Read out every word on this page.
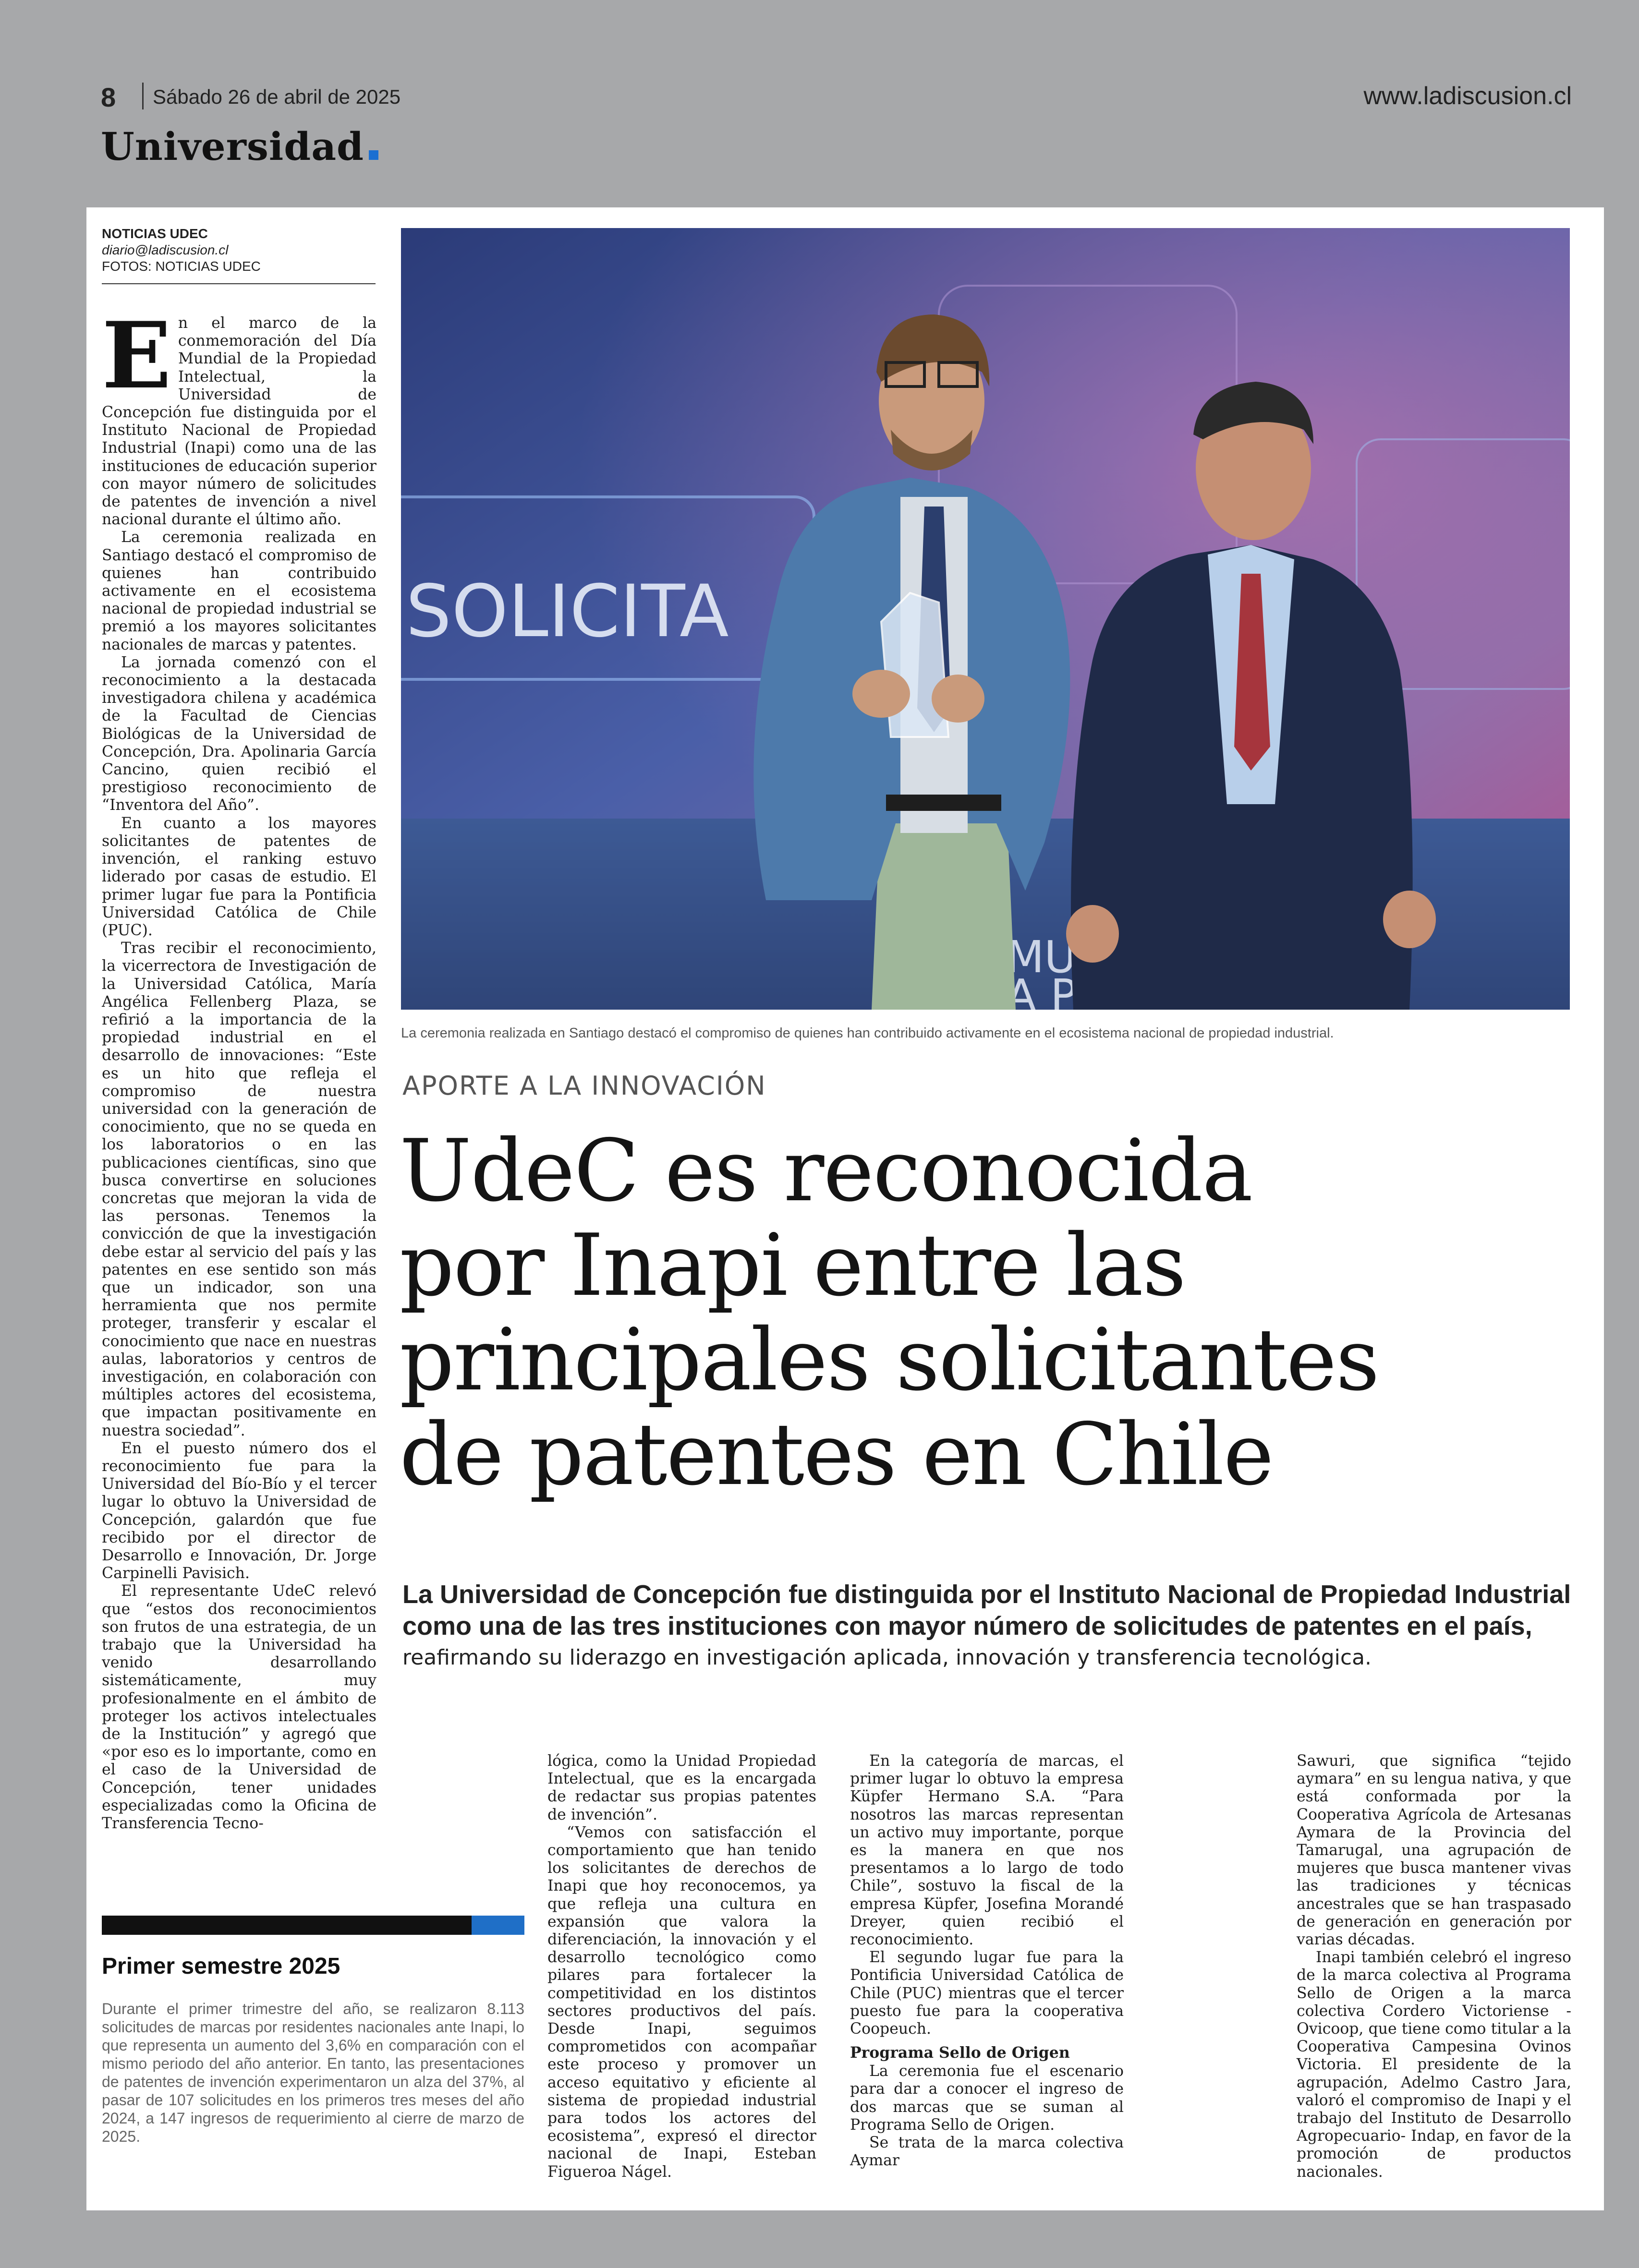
8 Sábado 26 de abril de 2025	www.ladiscusion.cl
Universidad
NOTICIAS UDEC
diario@ladiscusion.cl
FOTOS: NOTICIAS UDEC

En el marco de la conmemoración del Día Mundial de la Propiedad Intelectual, la Universidad de Concepción fue distinguida por el Instituto Nacional de Propiedad Industrial (Inapi) como una de las instituciones de educación superior con mayor número de solicitudes de patentes de invención a nivel nacional durante el último año.

La ceremonia realizada en Santiago destacó el compromiso de quienes han contribuido activamente en el ecosistema nacional de propiedad industrial se premió a los mayores solicitantes nacionales de marcas y patentes.

La jornada comenzó con el reconocimiento a la destacada investigadora chilena y académica de la Facultad de Ciencias Biológicas de la Universidad de Concepción, Dra. Apolinaria García Cancino, quien recibió el prestigioso reconocimiento de “Inventora del Año”.

En cuanto a los mayores solicitantes de patentes de invención, el ranking estuvo liderado por casas de estudio. El primer lugar fue para la Pontificia Universidad Católica de Chile (PUC).

Tras recibir el reconocimiento, la vicerrectora de Investigación de la Universidad Católica, María Angélica Fellenberg Plaza, se refirió a la importancia de la propiedad industrial en el desarrollo de innovaciones: “Este es un hito que refleja el compromiso de nuestra universidad con la generación de conocimiento, que no se queda en los laboratorios o en las publicaciones científicas, sino que busca convertirse en soluciones concretas que mejoran la vida de las personas. Tenemos la convicción de que la investigación debe estar al servicio del país y las patentes en ese sentido son más que un indicador, son una herramienta que nos permite proteger, transferir y escalar el conocimiento que nace en nuestras aulas, laboratorios y centros de investigación, en colaboración con múltiples actores del ecosistema, que impactan positivamente en nuestra sociedad”.

En el puesto número dos el reconocimiento fue para la Universidad del Bío-Bío y el tercer lugar lo obtuvo la Universidad de Concepción, galardón que fue recibido por el director de Desarrollo e Innovación, Dr. Jorge Carpinelli Pavisich.

El representante UdeC relevó que “estos dos reconocimientos son frutos de una estrategia, de un trabajo que la Universidad ha venido desarrollando sistemáticamente, muy profesionalmente en el ámbito de proteger los activos intelectuales de la Institución” y agregó que «por eso es lo importante, como en el caso de la Universidad de Concepción, tener unidades especializadas como la Oficina de Transferencia Tecno-

SOLICITA
A
La ceremonia realizada en Santiago destacó el compromiso de quienes han contribuido activamente en el ecosistema nacional de propiedad industrial.
APORTE A LA INNOVACIÓN
UdeC es reconocida
por Inapi entre las
principales solicitantes
de patentes en Chile
La Universidad de Concepción fue distinguida por el Instituto Nacional de Propiedad Industrial
como una de las tres instituciones con mayor número de solicitudes de patentes en el país,
reafirmando su liderazgo en investigación aplicada, innovación y transferencia tecnológica.

lógica, como la Unidad Propiedad Intelectual, que es la encargada de redactar sus propias patentes de invención”.

“Vemos con satisfacción el comportamiento que han tenido los solicitantes de derechos de Inapi que hoy reconocemos, ya que refleja una cultura en expansión que valora la diferenciación, la innovación y el desarrollo tecnológico como pilares para fortalecer la competitividad en los distintos sectores productivos del país. Desde Inapi, seguimos comprometidos con acompañar este proceso y promover un acceso equitativo y eficiente al sistema de propiedad industrial para todos los actores del ecosistema”, expresó el director nacional de Inapi, Esteban Figueroa Nágel.

En la categoría de marcas, el primer lugar lo obtuvo la empresa Küpfer Hermano S.A. “Para nosotros las marcas representan un activo muy importante, porque es la manera en que nos presentamos a lo largo de todo Chile”, sostuvo la fiscal de la empresa Küpfer, Josefina Morandé Dreyer, quien recibió el reconocimiento.

El segundo lugar fue para la Pontificia Universidad Católica de Chile (PUC) mientras que el tercer puesto fue para la cooperativa Coopeuch.

Programa Sello de Origen

La ceremonia fue el escenario para dar a conocer el ingreso de dos marcas que se suman al Programa Sello de Origen.

Se trata de la marca colectiva Aymar

Sawuri, que significa “tejido aymara” en su lengua nativa, y que está conformada por la Cooperativa Agrícola de Artesanas Aymara de la Provincia del Tamarugal, una agrupación de mujeres que busca mantener vivas las tradiciones y técnicas ancestrales que se han traspasado de generación en generación por varias décadas.

Inapi también celebró el ingreso de la marca colectiva al Programa Sello de Origen a la marca colectiva Cordero Victoriense -Ovicoop, que tiene como titular a la Cooperativa Campesina Ovinos Victoria. El presidente de la agrupación, Adelmo Castro Jara, valoró el compromiso de Inapi y el trabajo del Instituto de Desarrollo Agropecuario- Indap, en favor de la promoción de productos nacionales.

Primer semestre 2025
Durante el primer trimestre del año, se realizaron 8.113 solicitudes de marcas por residentes nacionales ante Inapi, lo que representa un aumento del 3,6% en comparación con el mismo periodo del año anterior. En tanto, las presentaciones de patentes de invención experimentaron un alza del 37%, al pasar de 107 solicitudes en los primeros tres meses del año 2024, a 147 ingresos de requerimiento al cierre de marzo de 2025.
